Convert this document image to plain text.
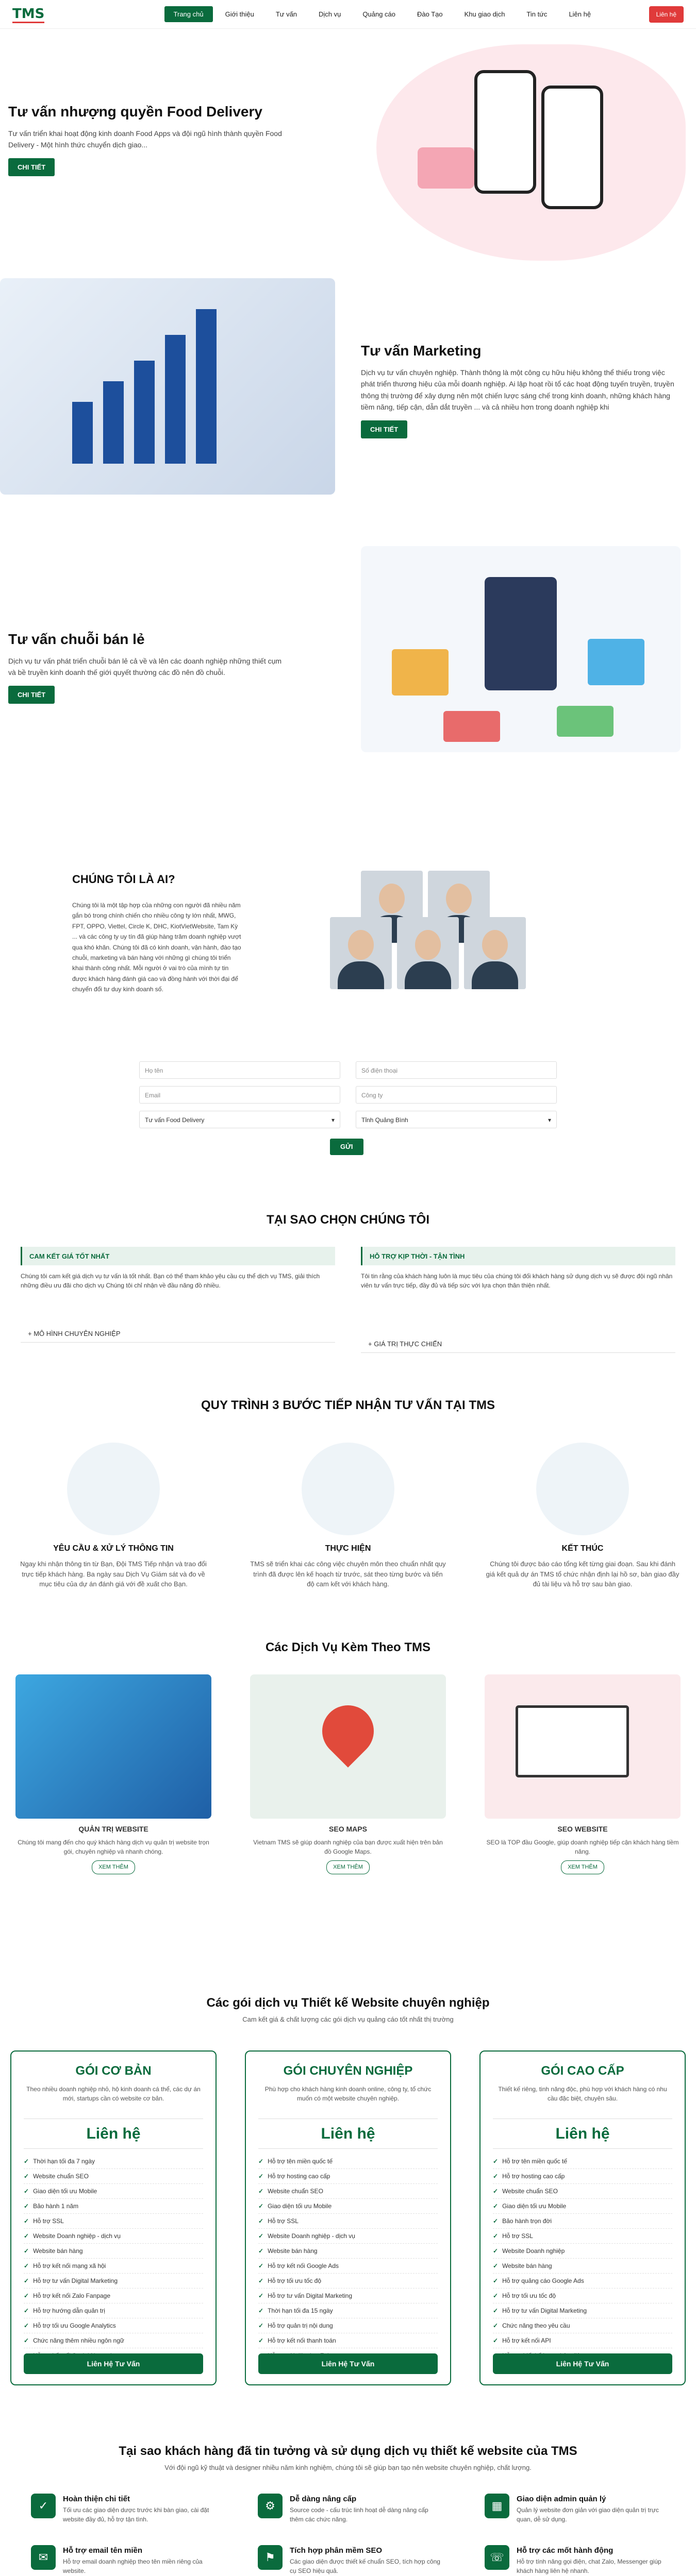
TMS	Trang chủ	Giới thiệu	Tư vấn	Dịch vụ	Quảng cáo	Đào Tạo	Khu giao dịch	Tin tức	Liên hệ	Liên hệ
Tư vấn nhượng quyền Food Delivery
Tư vấn triển khai hoạt động kinh doanh Food Apps và đội ngũ hình thành quyền Food Delivery - Một hình thức chuyển dịch giao...
CHI TIẾT
Tư vấn Marketing
Dịch vụ tư vấn chuyên nghiệp. Thành thông là một công cụ hữu hiệu không thể thiếu trong việc phát triển thương hiệu của mỗi doanh nghiệp. Ai lập hoạt rồi tổ các hoạt động tuyến truyền, truyền thông thị trường để xây dựng nên một chiến lược sáng chế trong kinh doanh, những khách hàng tiềm năng, tiếp cận, dẫn dắt truyền ... và cả nhiều hơn trong doanh nghiệp khi
CHI TIẾT
Tư vấn chuỗi bán lẻ
Dịch vụ tư vấn phát triển chuỗi bán lẻ cả về và lên các doanh nghiệp những thiết cụm và bề truyền kinh doanh thế giới quyết thường các đồ nên đồ chuỗi.
CHI TIẾT
CHÚNG TÔI LÀ AI?
Chúng tôi là một tập hợp của những con người đã nhiều năm gắn bó trong chính chiến cho nhiều công ty lớn nhất, MWG, FPT, OPPO, Viettel, Circle K, DHC, KiotVietWebsite, Tam Kỳ ... và các công ty uy tín đã giúp hàng trăm doanh nghiệp vượt qua khó khăn. Chúng tôi đã có kinh doanh, vận hành, đào tạo chuỗi, marketing và bán hàng với những gì chúng tôi triển khai thành công nhất. Mỗi người ở vai trò của mình tự tin được khách hàng đánh giá cao và đồng hành với thời đại để chuyển đổi tư duy kinh doanh số.
Họ tên	Số điện thoại
Email	Công ty
Tư vấn Food Delivery	▾	Tỉnh Quảng Bình	▾
GỬI
TẠI SAO CHỌN CHÚNG TÔI
CAM KẾT GIÁ TỐT NHẤT
Chúng tôi cam kết giá dịch vụ tư vấn là tốt nhất. Bạn có thể tham khảo yêu cầu cụ thể dịch vụ TMS, giải thích những điều ưu đãi cho dịch vụ Chúng tôi chỉ nhận về đầu năng đồ nhiều.
+ MÔ HÌNH CHUYÊN NGHIỆP
HỖ TRỢ KỊP THỜI - TẬN TÌNH
Tôi tin rằng của khách hàng luôn là mục tiêu của chúng tôi đối khách hàng sử dụng dịch vụ sẽ được đội ngũ nhân viên tư vấn trực tiếp, đầy đủ và tiếp sức với lựa chọn thân thiện nhất.
+ GIÁ TRỊ THỰC CHIẾN
QUY TRÌNH 3 BƯỚC TIẾP NHẬN TƯ VẤN TẠI TMS
YÊU CẦU & XỬ LÝ THÔNG TIN

Ngay khi nhận thông tin từ Bạn, Đội TMS Tiếp nhận và trao đổi trực tiếp khách hàng. Ba ngày sau Dịch Vụ Giám sát và đo về mục tiêu của dự án đánh giá với đề xuất cho Bạn.

THỰC HIỆN

TMS sẽ triển khai các công việc chuyên môn theo chuẩn nhất quy trình đã được lên kế hoạch từ trước, sát theo từng bước và tiến độ cam kết với khách hàng.

KẾT THÚC

Chúng tôi được báo cáo tổng kết từng giai đoạn. Sau khi đánh giá kết quả dự án TMS tổ chức nhận định lại hồ sơ, bàn giao đầy đủ tài liệu và hỗ trợ sau bàn giao.

Các Dịch Vụ Kèm Theo TMS
QUẢN TRỊ WEBSITE

Chúng tôi mang đến cho quý khách hàng dịch vụ quản trị website trọn gói, chuyên nghiệp và nhanh chóng.

XEM THÊM
SEO MAPS

Vietnam TMS sẽ giúp doanh nghiệp của bạn được xuất hiện trên bản đồ Google Maps.

XEM THÊM
SEO WEBSITE

SEO là TOP đầu Google, giúp doanh nghiệp tiếp cận khách hàng tiềm năng.

XEM THÊM
Các gói dịch vụ Thiết kế Website chuyên nghiệp
Cam kết giá & chất lượng các gói dịch vụ quảng cáo tốt nhất thị trường
GÓI CƠ BẢN
Theo nhiều doanh nghiệp nhỏ, hộ kinh doanh cá thể, các dự án mới, startups cần có website cơ bản.
Liên hệ
✓ Thời hạn tối đa 7 ngày
✓ Website chuẩn SEO
✓ Giao diện tối ưu Mobile
✓ Bảo hành 1 năm
✓ Hỗ trợ SSL
✓ Website Doanh nghiệp - dịch vụ
✓ Website bán hàng
✓ Hỗ trợ kết nối mạng xã hội
✓ Hỗ trợ tư vấn Digital Marketing
✓ Hỗ trợ kết nối Zalo Fanpage
✓ Hỗ trợ hướng dẫn quản trị
✓ Hỗ trợ tối ưu Google Analytics
✓ Chức năng thêm nhiều ngôn ngữ
Liên Hệ Tư Vấn
GÓI CHUYÊN NGHIỆP
Phù hợp cho khách hàng kinh doanh online, công ty, tổ chức muốn có một website chuyên nghiệp.
Liên hệ
✓ Hỗ trợ tên miền quốc tế
✓ Hỗ trợ hosting cao cấp
✓ Website chuẩn SEO
✓ Giao diện tối ưu Mobile
✓ Hỗ trợ SSL
✓ Website Doanh nghiệp - dịch vụ
✓ Website bán hàng
✓ Hỗ trợ kết nối Google Ads
✓ Hỗ trợ tối ưu tốc độ
✓ Hỗ trợ tư vấn Digital Marketing
✓ Thời hạn tối đa 15 ngày
✓ Hỗ trợ quản trị nội dung
✓ Hỗ trợ kết nối thanh toán
Liên Hệ Tư Vấn
GÓI CAO CẤP
Thiết kế riêng, tinh năng độc, phù hợp với khách hàng có nhu cầu đặc biệt, chuyên sâu.
Liên hệ
✓ Hỗ trợ tên miền quốc tế
✓ Hỗ trợ hosting cao cấp
✓ Website chuẩn SEO
✓ Giao diện tối ưu Mobile
✓ Bảo hành trọn đời
✓ Hỗ trợ SSL
✓ Website Doanh nghiệp
✓ Website bán hàng
✓ Hỗ trợ quảng cáo Google Ads
✓ Hỗ trợ tối ưu tốc độ
✓ Hỗ trợ tư vấn Digital Marketing
✓ Chức năng theo yêu cầu
✓ Hỗ trợ kết nối API
Liên Hệ Tư Vấn
Tại sao khách hàng đã tin tưởng và sử dụng dịch vụ thiết kế website của TMS
Với đội ngũ kỹ thuật và designer nhiều năm kinh nghiệm, chúng tôi sẽ giúp bạn tạo nên website chuyên nghiệp, chất lượng.
✓
Hoàn thiện chi tiết

Tối ưu các giao diện dược trước khi bàn giao, cài đặt website đầy đủ, hỗ trợ tận tình.

⚙
Dễ dàng nâng cấp

Source code - cấu trúc linh hoạt dễ dàng nâng cấp thêm các chức năng.

▦
Giao diện admin quản lý

Quản lý website đơn giản với giao diện quản trị trực quan, dễ sử dụng.

✉
Hỗ trợ email tên miền

Hỗ trợ email doanh nghiệp theo tên miền riêng của website.

⚑
Tích hợp phân mềm SEO

Các giao diện được thiết kế chuẩn SEO, tích hợp công cụ SEO hiệu quả.

☏
Hỗ trợ các mốt hành động

Hỗ trợ tính năng gọi điện, chat Zalo, Messenger giúp khách hàng liên hệ nhanh.
